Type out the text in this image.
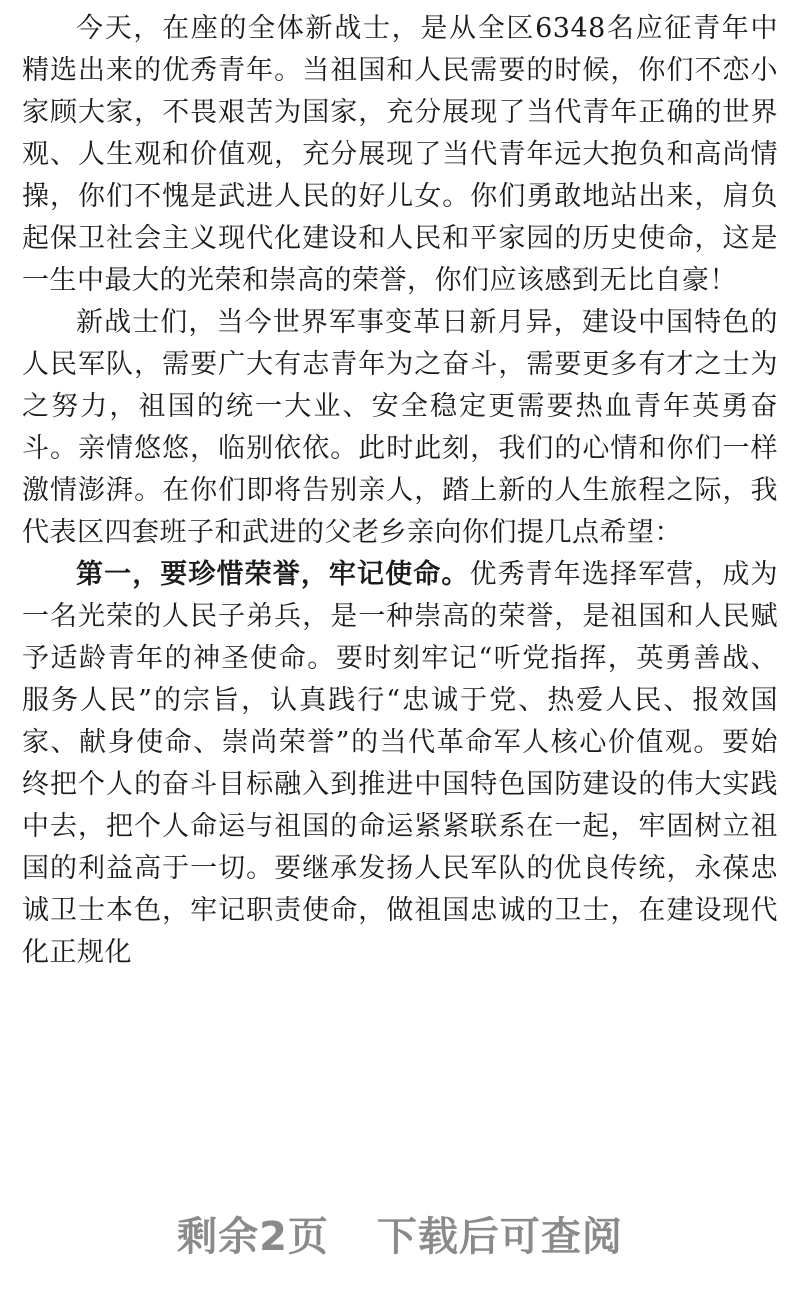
今天，在座的全体新战士，是从全区6348名应征青年中精选出来的优秀青年。当祖国和人民需要的时候，你们不恋小家顾大家，不畏艰苦为国家，充分展现了当代青年正确的世界观、人生观和价值观，充分展现了当代青年远大抱负和高尚情操，你们不愧是武进人民的好儿女。你们勇敢地站出来，肩负起保卫社会主义现代化建设和人民和平家园的历史使命，这是一生中最大的光荣和崇高的荣誉，你们应该感到无比自豪！

新战士们，当今世界军事变革日新月异，建设中国特色的人民军队，需要广大有志青年为之奋斗，需要更多有才之士为之努力，祖国的统一大业、安全稳定更需要热血青年英勇奋斗。亲情悠悠，临别依依。此时此刻，我们的心情和你们一样激情澎湃。在你们即将告别亲人，踏上新的人生旅程之际，我代表区四套班子和武进的父老乡亲向你们提几点希望：

第一，要珍惜荣誉，牢记使命。优秀青年选择军营，成为一名光荣的人民子弟兵，是一种崇高的荣誉，是祖国和人民赋予适龄青年的神圣使命。要时刻牢记“听党指挥，英勇善战、服务人民”的宗旨，认真践行“忠诚于党、热爱人民、报效国家、献身使命、崇尚荣誉”的当代革命军人核心价值观。要始终把个人的奋斗目标融入到推进中国特色国防建设的伟大实践中去，把个人命运与祖国的命运紧紧联系在一起，牢固树立祖国的利益高于一切。要继承发扬人民军队的优良传统，永葆忠诚卫士本色，牢记职责使命，做祖国忠诚的卫士，在建设现代化正规化

剩余2页 下载后可查阅
